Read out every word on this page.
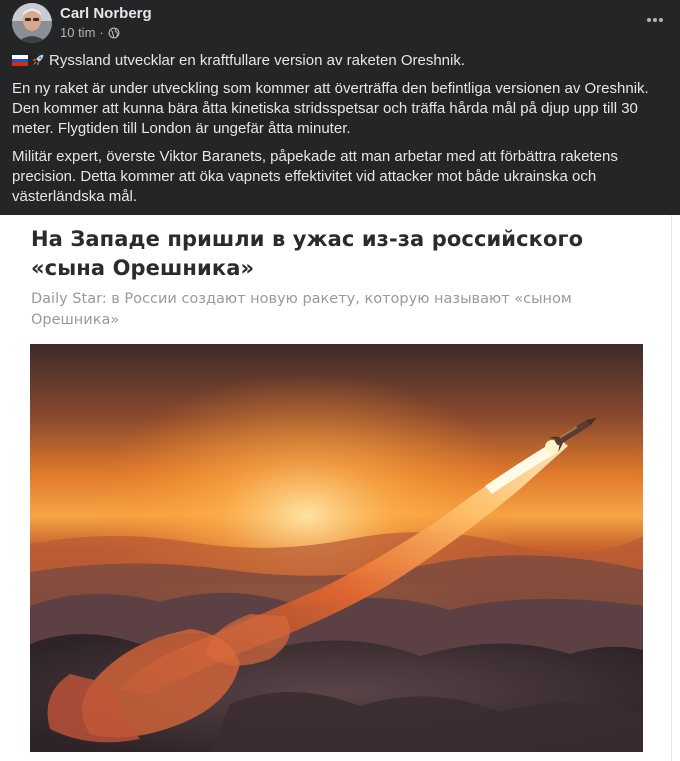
Carl Norberg
10 tim ·

Ryssland utvecklar en kraftfullare version av raketen Oreshnik.

En ny raket är under utveckling som kommer att överträffa den befintliga versionen av Oreshnik. Den kommer att kunna bära åtta kinetiska stridsspetsar och träffa hårda mål på djup upp till 30 meter. Flygtiden till London är ungefär åtta minuter.

Militär expert, överste Viktor Baranets, påpekade att man arbetar med att förbättra raketens precision. Detta kommer att öka vapnets effektivitet vid attacker mot både ukrainska och västerländska mål.

На Западе пришли в ужас из-за российского «сына Орешника»
Daily Star: в России создают новую ракету, которую называют «сыном Орешника»
